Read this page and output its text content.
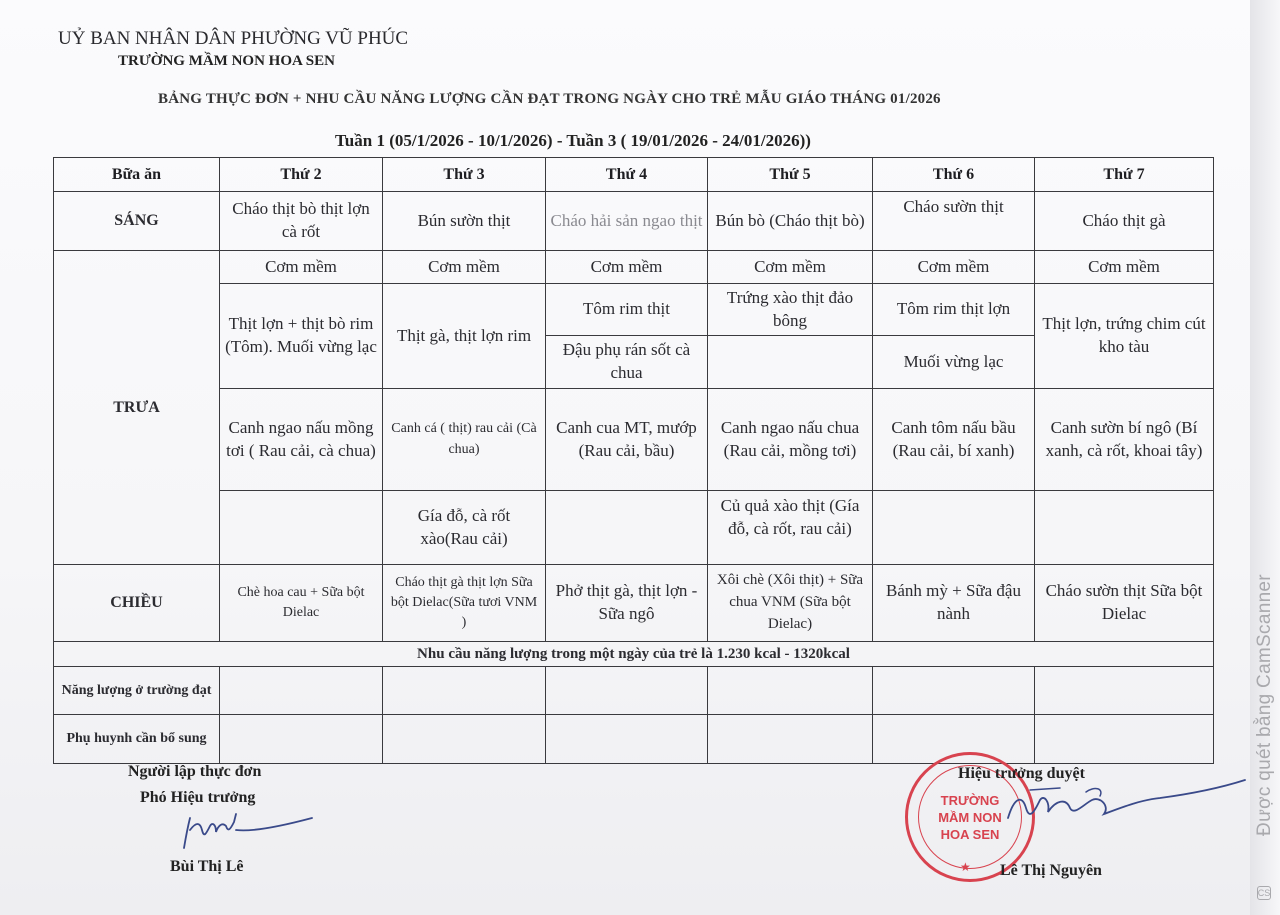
UỶ BAN NHÂN DÂN PHƯỜNG VŨ PHÚC
TRƯỜNG MẦM NON HOA SEN
BẢNG THỰC ĐƠN + NHU CẦU NĂNG LƯỢNG CẦN ĐẠT TRONG NGÀY CHO TRẺ MẪU GIÁO THÁNG 01/2026
Tuần 1 (05/1/2026 - 10/1/2026) - Tuần 3 ( 19/01/2026 - 24/01/2026))
Bữa ăn	Thứ 2	Thứ 3	Thứ 4	Thứ 5	Thứ 6	Thứ 7
SÁNG	Cháo thịt bò thịt lợn cà rốt	Bún sườn thịt	Cháo hải sản ngao thịt	Bún bò (Cháo thịt bò)	Cháo sườn thịt	Cháo thịt gà
TRƯA	Cơm mềm	Cơm mềm	Cơm mềm	Cơm mềm	Cơm mềm	Cơm mềm
	Thịt lợn + thịt bò rim (Tôm). Muối vừng lạc	Thịt gà, thịt lợn rim	Tôm rim thịt	Trứng xào thịt đảo bông	Tôm rim thịt lợn	Thịt lợn, trứng chim cút kho tàu
			Đậu phụ rán sốt cà chua		Muối vừng lạc	
	Canh ngao nấu mồng tơi ( Rau cải, cà chua)	Canh cá ( thịt) rau cải (Cà chua)	Canh cua MT, mướp (Rau cải, bầu)	Canh ngao nấu chua (Rau cải, mồng tơi)	Canh tôm nấu bầu (Rau cải, bí xanh)	Canh sườn bí ngô (Bí xanh, cà rốt, khoai tây)
		Gía đỗ, cà rốt xào(Rau cải)		Củ quả xào thịt (Gía đỗ, cà rốt, rau cải)		

CHIỀU	Chè hoa cau + Sữa bột Dielac	Cháo thịt gà thịt lợn Sữa bột Dielac(Sữa tươi VNM )	Phở thịt gà, thịt lợn - Sữa ngô	Xôi chè (Xôi thịt) + Sữa chua VNM (Sữa bột Dielac)	Bánh mỳ + Sữa đậu nành	Cháo sườn thịt Sữa bột Dielac
Nhu cầu năng lượng trong một ngày của trẻ là 1.230 kcal - 1320kcal						
Năng lượng ở trường đạt						
Phụ huynh cần bổ sung						
Người lập thực đơn
Phó Hiệu trưởng
Bùi Thị Lê
TRƯỜNG
MẦM NON
HOA SEN
★
Hiệu trưởng duyệt
Lê Thị Nguyên
Được quét bằng CamScanner
CS
